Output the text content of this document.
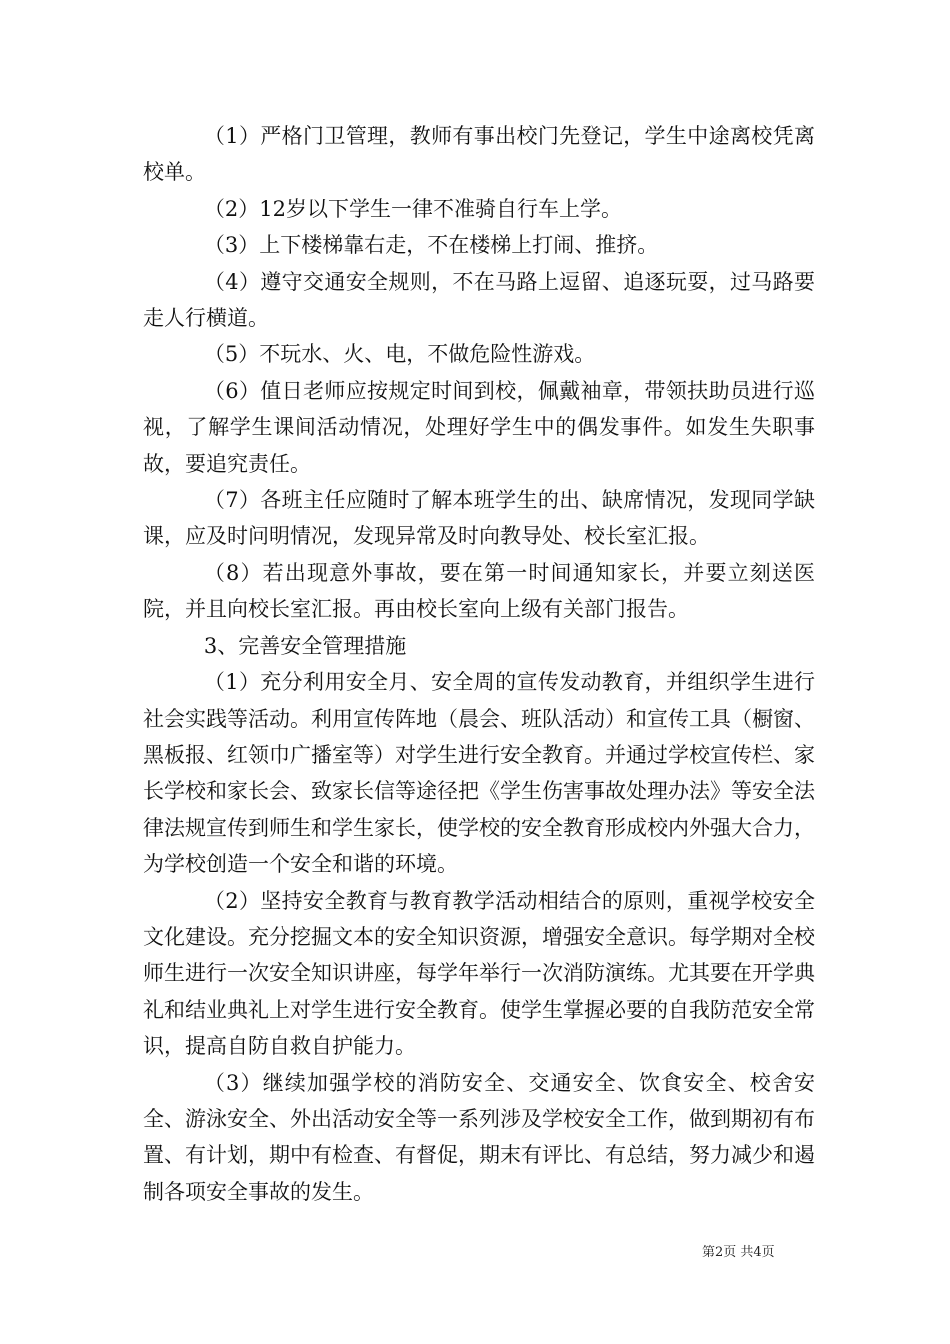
（1）严格门卫管理，教师有事出校门先登记，学生中途离校凭离校单。

（2）12岁以下学生一律不准骑自行车上学。

（3）上下楼梯靠右走，不在楼梯上打闹、推挤。

（4）遵守交通安全规则，不在马路上逗留、追逐玩耍，过马路要走人行横道。

（5）不玩水、火、电，不做危险性游戏。

（6）值日老师应按规定时间到校，佩戴袖章，带领扶助员进行巡视，了解学生课间活动情况，处理好学生中的偶发事件。如发生失职事故，要追究责任。

（7）各班主任应随时了解本班学生的出、缺席情况，发现同学缺课，应及时问明情况，发现异常及时向教导处、校长室汇报。

（8）若出现意外事故，要在第一时间通知家长，并要立刻送医院，并且向校长室汇报。再由校长室向上级有关部门报告。

3、完善安全管理措施

（1）充分利用安全月、安全周的宣传发动教育，并组织学生进行社会实践等活动。利用宣传阵地（晨会、班队活动）和宣传工具（橱窗、黑板报、红领巾广播室等）对学生进行安全教育。并通过学校宣传栏、家长学校和家长会、致家长信等途径把《学生伤害事故处理办法》等安全法律法规宣传到师生和学生家长，使学校的安全教育形成校内外强大合力，为学校创造一个安全和谐的环境。

（2）坚持安全教育与教育教学活动相结合的原则，重视学校安全文化建设。充分挖掘文本的安全知识资源，增强安全意识。每学期对全校师生进行一次安全知识讲座，每学年举行一次消防演练。尤其要在开学典礼和结业典礼上对学生进行安全教育。使学生掌握必要的自我防范安全常识，提高自防自救自护能力。

（3）继续加强学校的消防安全、交通安全、饮食安全、校舍安全、游泳安全、外出活动安全等一系列涉及学校安全工作，做到期初有布置、有计划，期中有检查、有督促，期末有评比、有总结，努力减少和遏制各项安全事故的发生。

第2页 共4页
